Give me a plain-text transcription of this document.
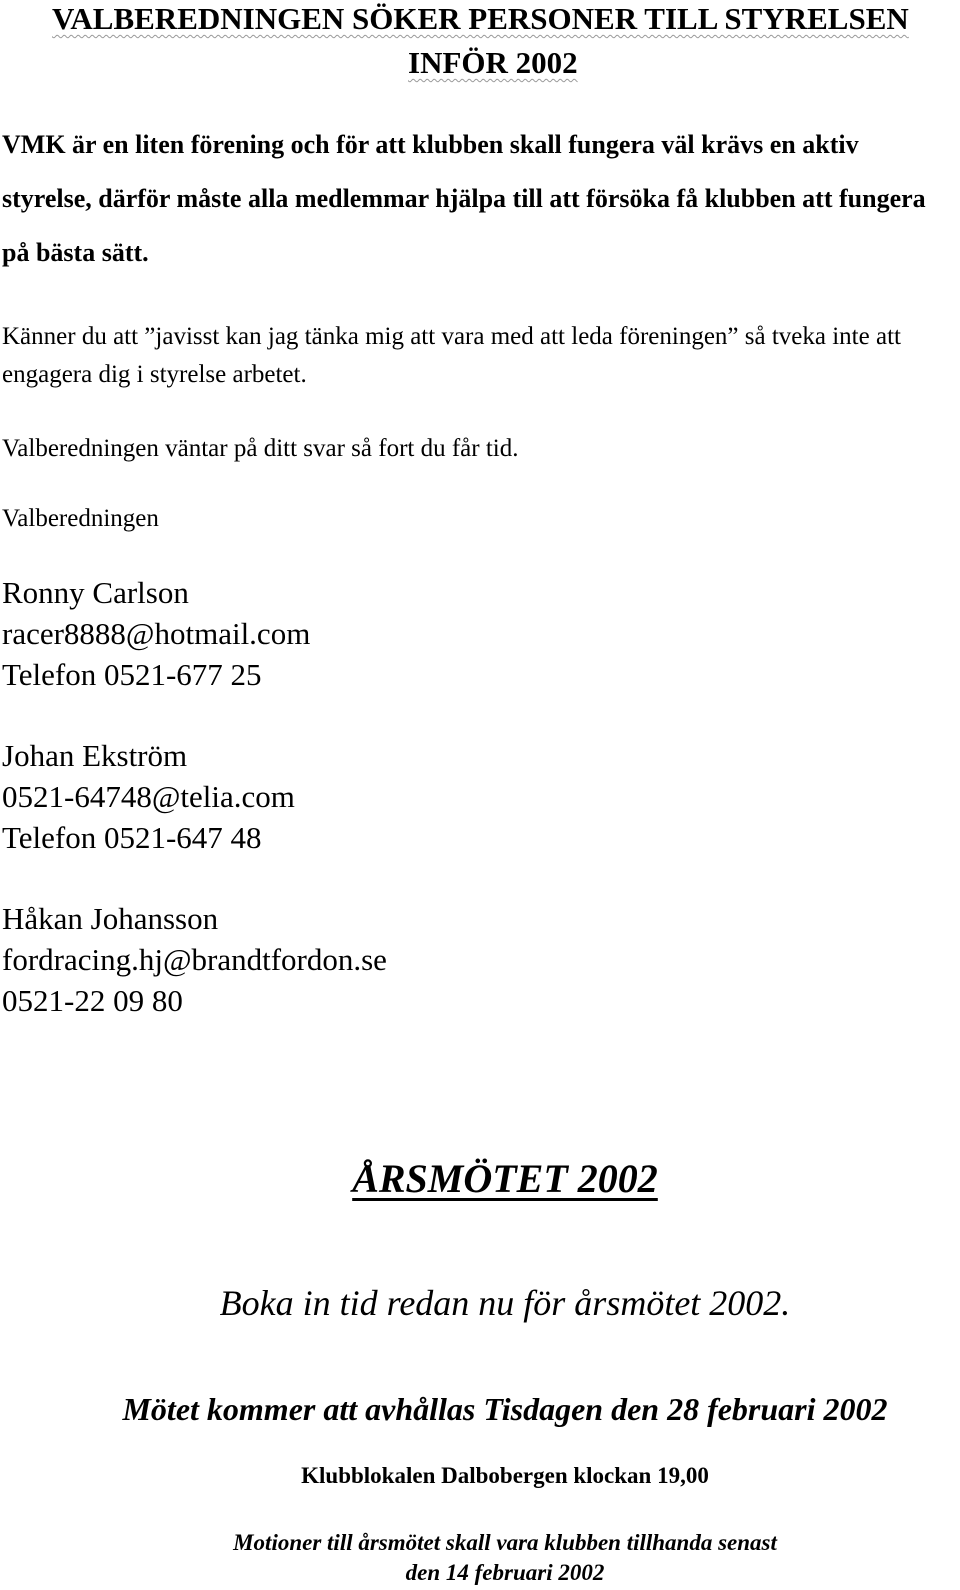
VALBEREDNINGEN SÖKER PERSONER TILL STYRELSEN
INFÖR 2002
VMK är en liten förening och för att klubben skall fungera väl krävs en aktiv styrelse, därför måste alla medlemmar hjälpa till att försöka få klubben att fungera på bästa sätt.
Känner du att ”javisst kan jag tänka mig att vara med att leda föreningen” så tveka inte att engagera dig i styrelse arbetet.
Valberedningen väntar på ditt svar så fort du får tid.
Valberedningen
Ronny Carlson
racer8888@hotmail.com
Telefon 0521-677 25
Johan Ekström
0521-64748@telia.com
Telefon 0521-647 48
Håkan Johansson
fordracing.hj@brandtfordon.se
0521-22 09 80
ÅRSMÖTET 2002
Boka in tid redan nu för årsmötet 2002.
Mötet kommer att avhållas Tisdagen den 28 februari 2002
Klubblokalen Dalbobergen klockan 19,00
Motioner till årsmötet skall vara klubben tillhanda senast
den 14 februari 2002
